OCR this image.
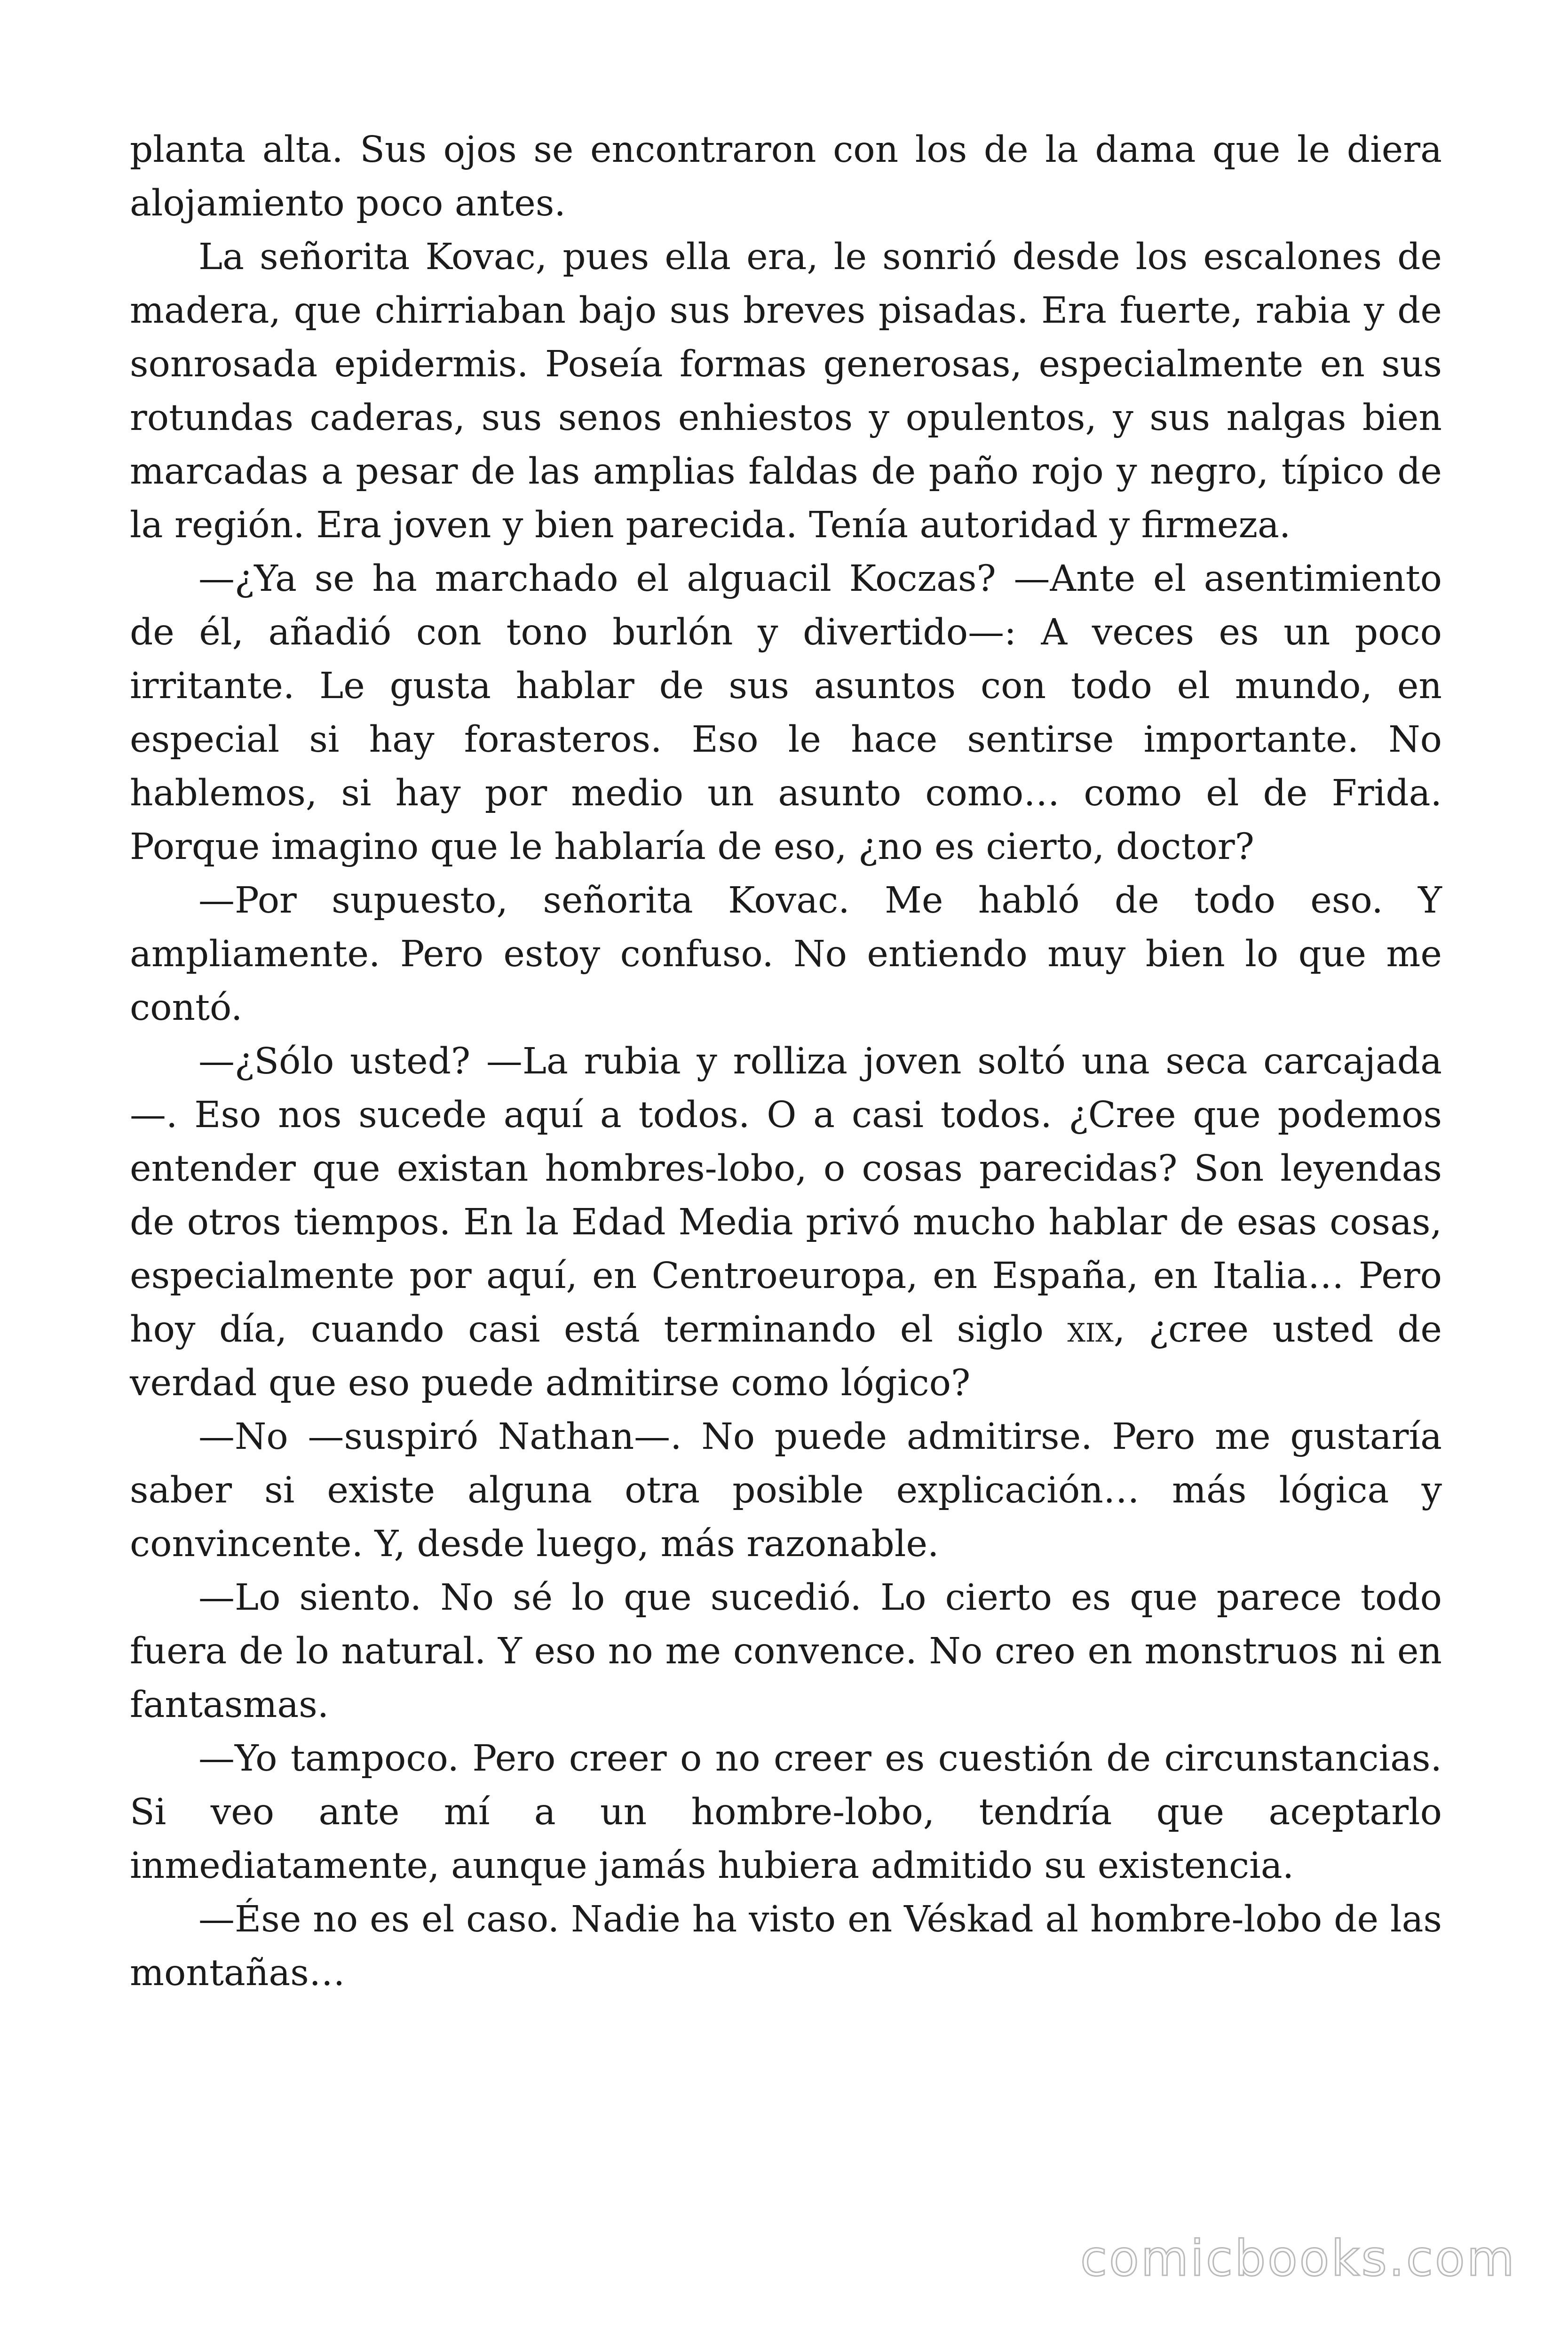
planta alta. Sus ojos se encontraron con los de la dama que le diera alojamiento poco antes.

La señorita Kovac, pues ella era, le sonrió desde los escalones de madera, que chirriaban bajo sus breves pisadas. Era fuerte, rabia y de sonrosada epidermis. Poseía formas generosas, especialmente en sus rotundas caderas, sus senos enhiestos y opulentos, y sus nalgas bien marcadas a pesar de las amplias faldas de paño rojo y negro, típico de la región. Era joven y bien parecida. Tenía autoridad y firmeza.

—¿Ya se ha marchado el alguacil Koczas? —Ante el asentimiento de él, añadió con tono burlón y divertido—: A veces es un poco irritante. Le gusta hablar de sus asuntos con todo el mundo, en especial si hay forasteros. Eso le hace sentirse importante. No hablemos, si hay por medio un asunto como… como el de Frida. Porque imagino que le hablaría de eso, ¿no es cierto, doctor?

—Por supuesto, señorita Kovac. Me habló de todo eso. Y ampliamente. Pero estoy confuso. No entiendo muy bien lo que me contó.

—¿Sólo usted? —La rubia y rolliza joven soltó una seca carcajada—. Eso nos sucede aquí a todos. O a casi todos. ¿Cree que podemos entender que existan hombres-lobo, o cosas parecidas? Son leyendas de otros tiempos. En la Edad Media privó mucho hablar de esas cosas, especialmente por aquí, en Centroeuropa, en España, en Italia… Pero hoy día, cuando casi está terminando el siglo xix, ¿cree usted de verdad que eso puede admitirse como lógico?

—No —suspiró Nathan—. No puede admitirse. Pero me gustaría saber si existe alguna otra posible explicación… más lógica y convincente. Y, desde luego, más razonable.

—Lo siento. No sé lo que sucedió. Lo cierto es que parece todo fuera de lo natural. Y eso no me convence. No creo en monstruos ni en fantasmas.

—Yo tampoco. Pero creer o no creer es cuestión de circunstancias. Si veo ante mí a un hombre-lobo, tendría que aceptarlo inmediatamente, aunque jamás hubiera admitido su existencia.

—Ése no es el caso. Nadie ha visto en Véskad al hombre-lobo de las montañas…

comicbooks.com
